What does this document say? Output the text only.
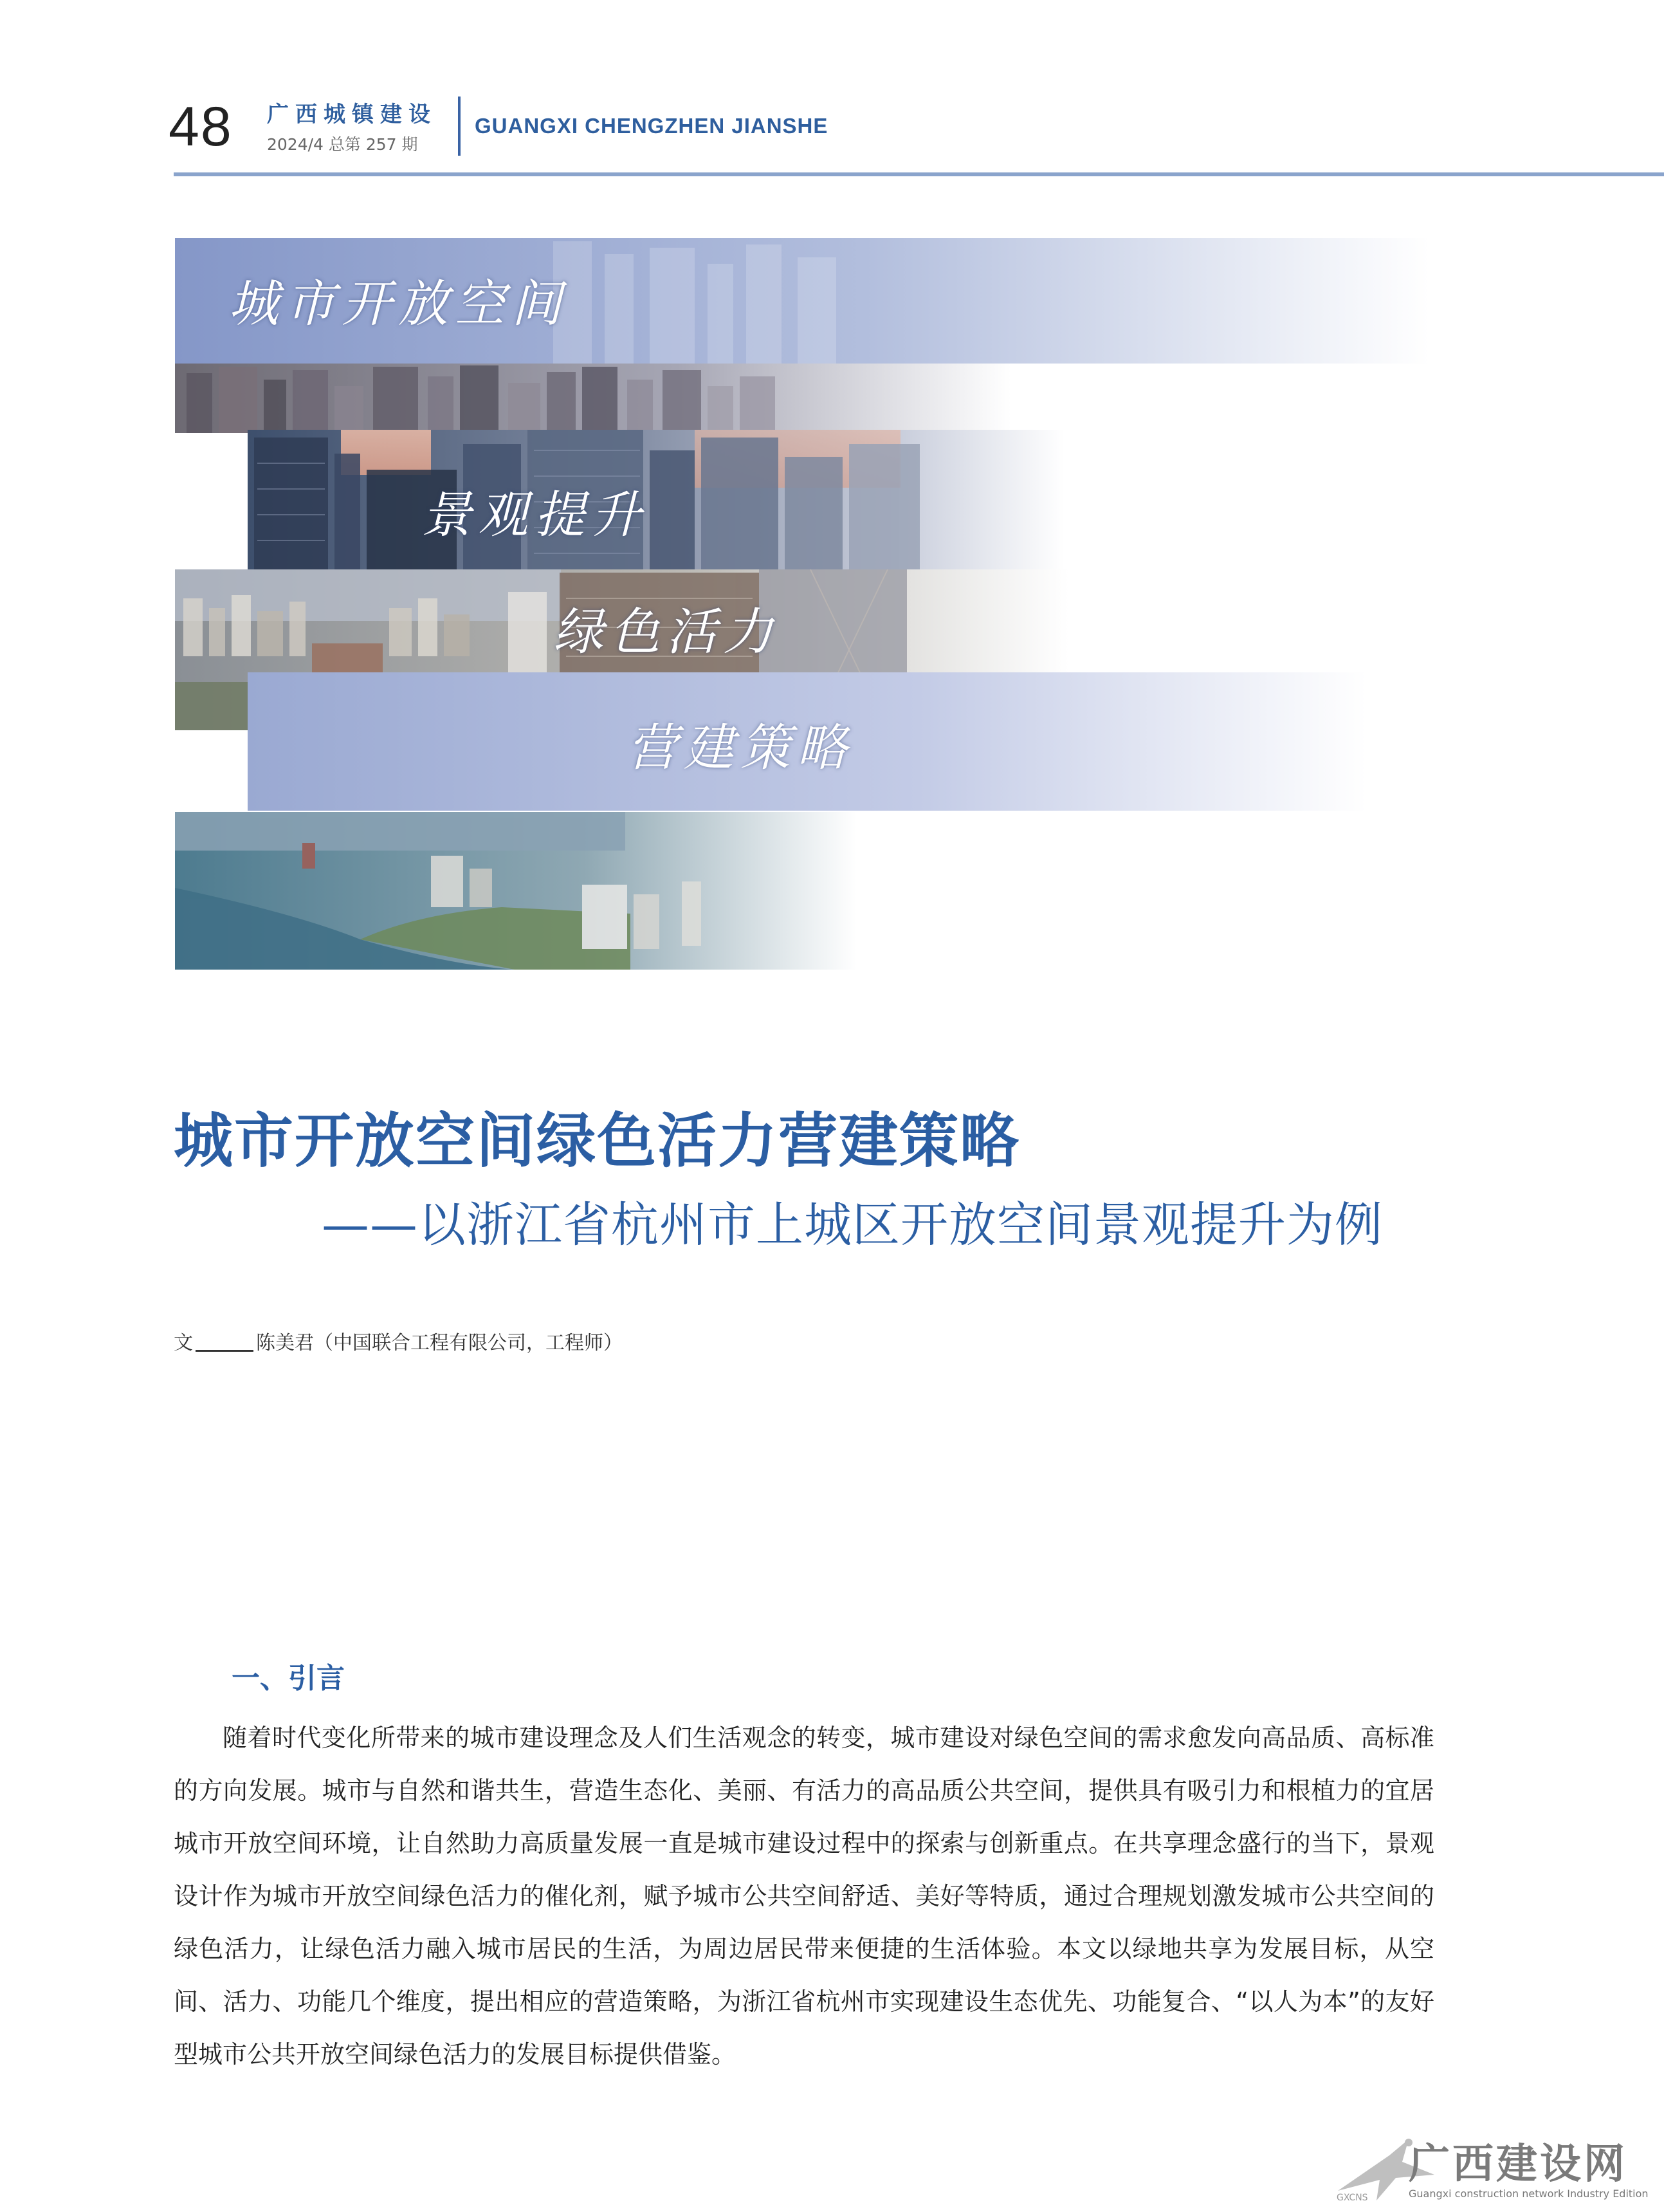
48 广西城镇建设
2024/4 总第 257 期
GUANGXI CHENGZHEN JIANSHE
城市开放空间
景观提升
绿色活力
营建策略
城市开放空间绿色活力营建策略
——以浙江省杭州市上城区开放空间景观提升为例
文	陈美君（中国联合工程有限公司，工程师）
一、引言
随着时代变化所带来的城市建设理念及人们生活观念的转变，城市建设对绿色空间的需求愈发向高品质、高标准的方向发展。城市与自然和谐共生，营造生态化、美丽、有活力的高品质公共空间，提供具有吸引力和根植力的宜居城市开放空间环境，让自然助力高质量发展一直是城市建设过程中的探索与创新重点。在共享理念盛行的当下，景观设计作为城市开放空间绿色活力的催化剂，赋予城市公共空间舒适、美好等特质，通过合理规划激发城市公共空间的绿色活力，让绿色活力融入城市居民的生活，为周边居民带来便捷的生活体验。本文以绿地共享为发展目标，从空间、活力、功能几个维度，提出相应的营造策略，为浙江省杭州市实现建设生态优先、功能复合、“以人为本”的友好型城市公共开放空间绿色活力的发展目标提供借鉴。
广西建设网
Guangxi construction network Industry Edition
GXCNS
